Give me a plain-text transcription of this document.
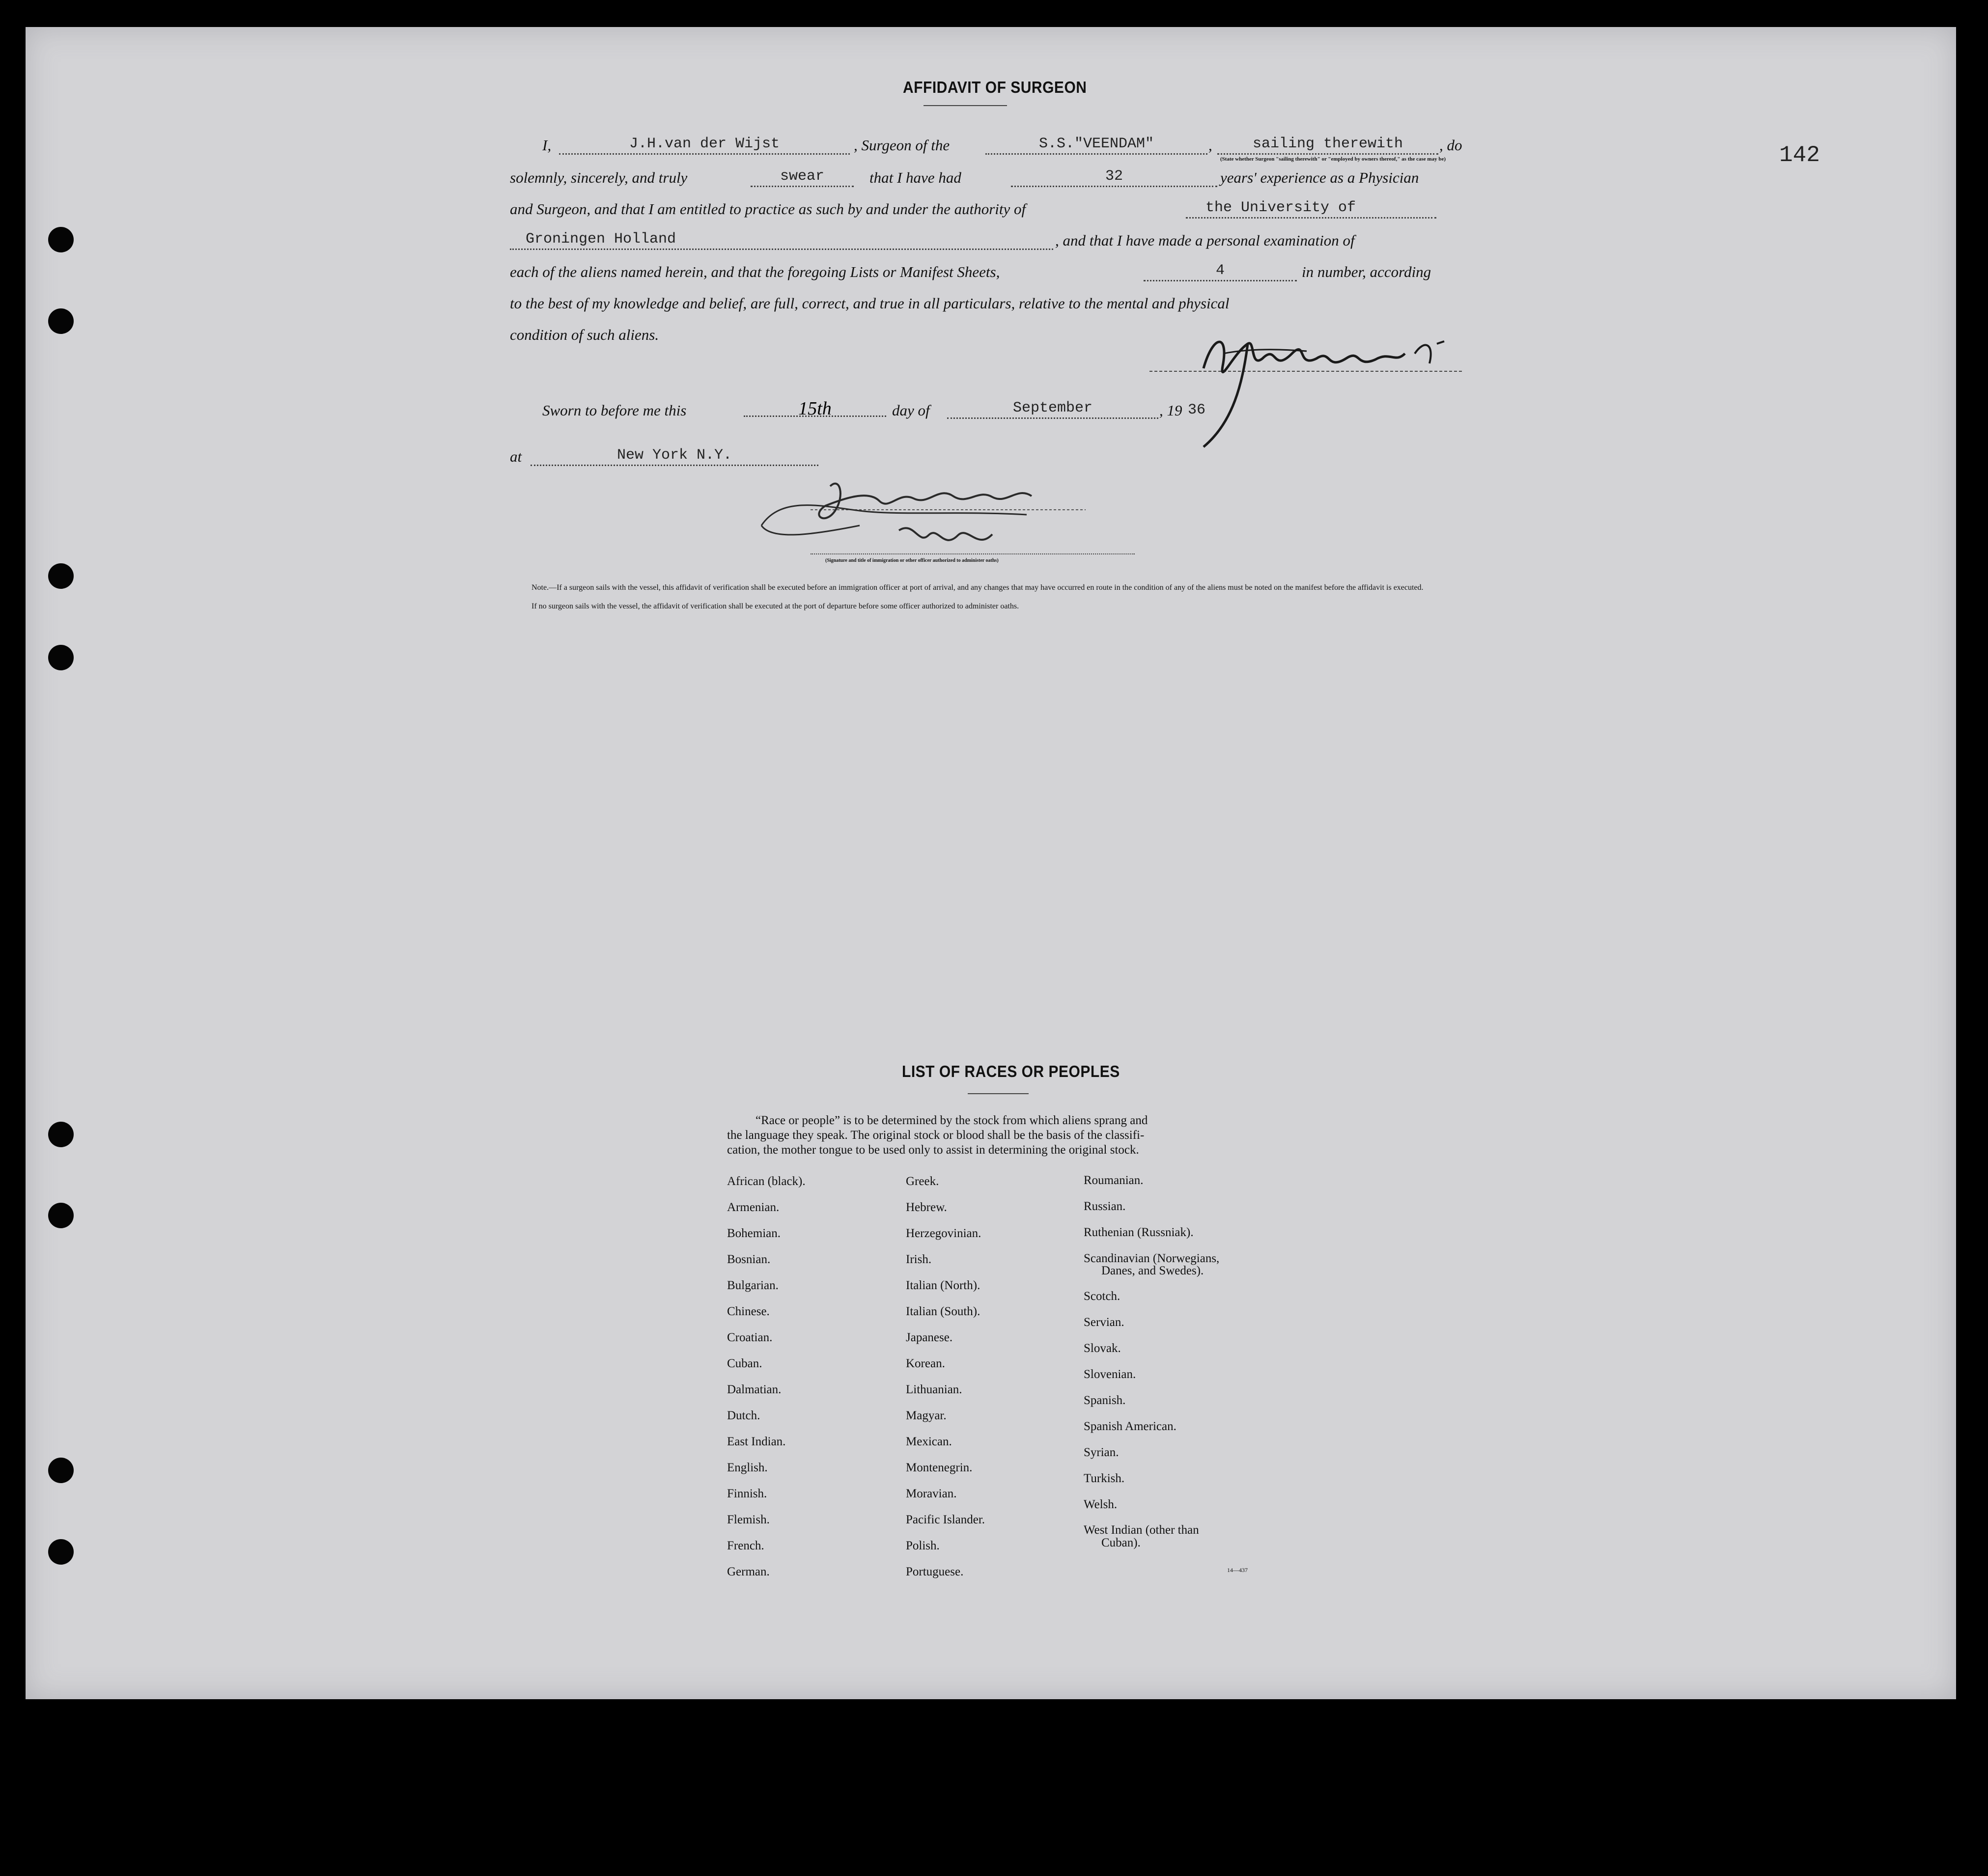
142
AFFIDAVIT OF SURGEON
I,	J.H.van der Wijst	, Surgeon of the	S.S."VEENDAM"	,	sailing therewith	, do
(State whether Surgeon "sailing therewith" or "employed by owners thereof," as the case may be)
solemnly, sincerely, and truly	swear	that I have had	32	years' experience as a Physician
and Surgeon, and that I am entitled to practice as such by and under the authority of	the University of
Groningen Holland	, and that I have made a personal examination of
each of the aliens named herein, and that the foregoing Lists or Manifest Sheets,	4	in number, according
to the best of my knowledge and belief, are full, correct, and true in all particulars, relative to the mental and physical
condition of such aliens.
Sworn to before me this	15th	day of	September	, 19 36
at	New York N.Y.
(Signature and title of immigration or other officer authorized to administer oaths)
Note.—If a surgeon sails with the vessel, this affidavit of verification shall be executed before an immigration officer at port of arrival, and any changes that may have occurred en route in the condition of any of the aliens must be noted on the manifest before the affidavit is executed.
If no surgeon sails with the vessel, the affidavit of verification shall be executed at the port of departure before some officer authorized to administer oaths.
LIST OF RACES OR PEOPLES
“Race or people” is to be determined by the stock from which aliens sprang and
the language they speak. The original stock or blood shall be the basis of the classifi-
cation, the mother tongue to be used only to assist in determining the original stock.
African (black).
Armenian.
Bohemian.
Bosnian.
Bulgarian.
Chinese.
Croatian.
Cuban.
Dalmatian.
Dutch.
East Indian.
English.
Finnish.
Flemish.
French.
German.
Greek.
Hebrew.
Herzegovinian.
Irish.
Italian (North).
Italian (South).
Japanese.
Korean.
Lithuanian.
Magyar.
Mexican.
Montenegrin.
Moravian.
Pacific Islander.
Polish.
Portuguese.
Roumanian.
Russian.
Ruthenian (Russniak).
Scandinavian (Norwegians,
Danes, and Swedes).
Scotch.
Servian.
Slovak.
Slovenian.
Spanish.
Spanish American.
Syrian.
Turkish.
Welsh.
West Indian (other than
Cuban).
14—437
